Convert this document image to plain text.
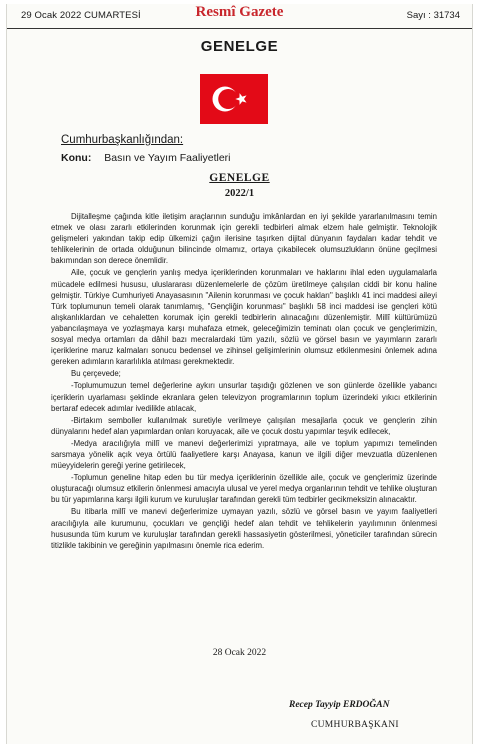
29 Ocak 2022 CUMARTESİ	Resmî Gazete	Sayı : 31734
GENELGE
Cumhurbaşkanlığından:
Konu: Basın ve Yayım Faaliyetleri
GENELGE
2022/1

Dijitalleşme çağında kitle iletişim araçlarının sunduğu imkânlardan en iyi şekilde yararlanılmasını temin etmek ve olası zararlı etkilerinden korunmak için gerekli tedbirleri almak elzem hale gelmiştir. Teknolojik gelişmeleri yakından takip edip ülkemizi çağın ilerisine taşırken dijital dünyanın faydaları kadar tehdit ve tehlikelerinin de ortada olduğunun bilincinde olmamız, ortaya çıkabilecek olumsuzlukların önüne geçilmesi bakımından son derece önemlidir.

Aile, çocuk ve gençlerin yanlış medya içeriklerinden korunmaları ve haklarını ihlal eden uygulamalarla mücadele edilmesi hususu, uluslararası düzenlemelerle de çözüm üretilmeye çalışılan ciddi bir konu haline gelmiştir. Türkiye Cumhuriyeti Anayasasının "Ailenin korunması ve çocuk hakları" başlıklı 41 inci maddesi aileyi Türk toplumunun temeli olarak tanımlamış, "Gençliğin korunması" başlıklı 58 inci maddesi ise gençleri kötü alışkanlıklardan ve cehaletten korumak için gerekli tedbirlerin alınacağını düzenlemiştir. Millî kültürümüzü yabancılaşmaya ve yozlaşmaya karşı muhafaza etmek, geleceğimizin teminatı olan çocuk ve gençlerimizin, sosyal medya ortamları da dâhil bazı mecralardaki tüm yazılı, sözlü ve görsel basın ve yayımların zararlı içeriklerine maruz kalmaları sonucu bedensel ve zihinsel gelişimlerinin olumsuz etkilenmesini önlemek adına gereken adımların kararlılıkla atılması gerekmektedir.

Bu çerçevede;

-Toplumumuzun temel değerlerine aykırı unsurlar taşıdığı gözlenen ve son günlerde özellikle yabancı içeriklerin uyarlaması şeklinde ekranlara gelen televizyon programlarının toplum üzerindeki yıkıcı etkilerinin bertaraf edecek adımlar ivedilikle atılacak,

-Birtakım semboller kullanılmak suretiyle verilmeye çalışılan mesajlarla çocuk ve gençlerin zihin dünyalarını hedef alan yapımlardan onları koruyacak, aile ve çocuk dostu yapımlar teşvik edilecek,

-Medya aracılığıyla millî ve manevi değerlerimizi yıpratmaya, aile ve toplum yapımızı temelinden sarsmaya yönelik açık veya örtülü faaliyetlere karşı Anayasa, kanun ve ilgili diğer mevzuatla düzenlenen müeyyidelerin gereği yerine getirilecek,

-Toplumun geneline hitap eden bu tür medya içeriklerinin özellikle aile, çocuk ve gençlerimiz üzerinde oluşturacağı olumsuz etkilerin önlenmesi amacıyla ulusal ve yerel medya organlarının tehdit ve tehlike oluşturan bu tür yapımlarına karşı ilgili kurum ve kuruluşlar tarafından gerekli tüm tedbirler gecikmeksizin alınacaktır.

Bu itibarla millî ve manevi değerlerimize uymayan yazılı, sözlü ve görsel basın ve yayım faaliyetleri aracılığıyla aile kurumunu, çocukları ve gençliği hedef alan tehdit ve tehlikelerin yayılımının önlenmesi hususunda tüm kurum ve kuruluşlar tarafından gerekli hassasiyetin gösterilmesi, yöneticiler tarafından sürecin titizlikle takibinin ve gereğinin yapılmasını önemle rica ederim.

28 Ocak 2022
Recep Tayyip ERDOĞAN
CUMHURBAŞKANI
